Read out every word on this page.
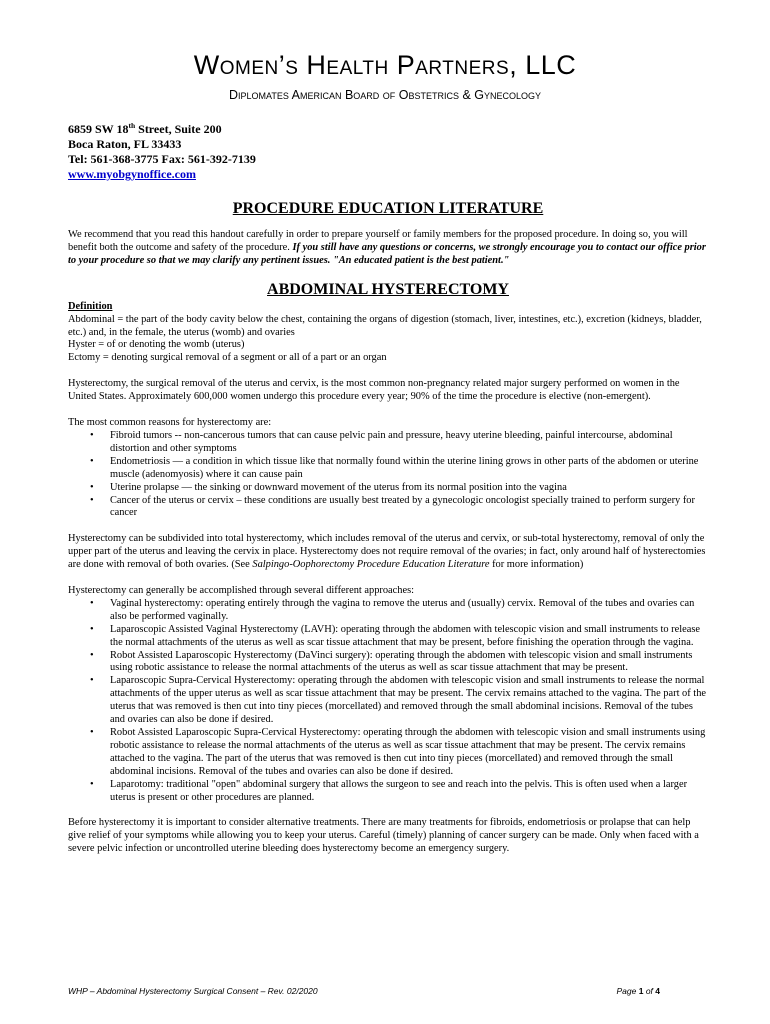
Women’s Health Partners, LLC
Diplomates American Board of Obstetrics & Gynecology
6859 SW 18th Street, Suite 200
Boca Raton, FL 33433
Tel: 561-368-3775 Fax: 561-392-7139
www.myobgynoffice.com
PROCEDURE EDUCATION LITERATURE

We recommend that you read this handout carefully in order to prepare yourself or family members for the proposed procedure. In doing so, you will benefit both the outcome and safety of the procedure. If you still have any questions or concerns, we strongly encourage you to contact our office prior to your procedure so that we may clarify any pertinent issues. "An educated patient is the best patient."

ABDOMINAL HYSTERECTOMY
Definition
Abdominal = the part of the body cavity below the chest, containing the organs of digestion (stomach, liver, intestines, etc.), excretion (kidneys, bladder, etc.) and, in the female, the uterus (womb) and ovaries
Hyster = of or denoting the womb (uterus)
Ectomy = denoting surgical removal of a segment or all of a part or an organ

Hysterectomy, the surgical removal of the uterus and cervix, is the most common non-pregnancy related major surgery performed on women in the United States. Approximately 600,000 women undergo this procedure every year; 90% of the time the procedure is elective (non-emergent).

The most common reasons for hysterectomy are:
• Fibroid tumors -- non-cancerous tumors that can cause pelvic pain and pressure, heavy uterine bleeding, painful intercourse, abdominal distortion and other symptoms
• Endometriosis — a condition in which tissue like that normally found within the uterine lining grows in other parts of the abdomen or uterine muscle (adenomyosis) where it can cause pain
• Uterine prolapse — the sinking or downward movement of the uterus from its normal position into the vagina
• Cancer of the uterus or cervix – these conditions are usually best treated by a gynecologic oncologist specially trained to perform surgery for cancer

Hysterectomy can be subdivided into total hysterectomy, which includes removal of the uterus and cervix, or sub-total hysterectomy, removal of only the upper part of the uterus and leaving the cervix in place. Hysterectomy does not require removal of the ovaries; in fact, only around half of hysterectomies are done with removal of both ovaries. (See Salpingo-Oophorectomy Procedure Education Literature for more information)

Hysterectomy can generally be accomplished through several different approaches:
• Vaginal hysterectomy: operating entirely through the vagina to remove the uterus and (usually) cervix. Removal of the tubes and ovaries can also be performed vaginally.
• Laparoscopic Assisted Vaginal Hysterectomy (LAVH): operating through the abdomen with telescopic vision and small instruments to release the normal attachments of the uterus as well as scar tissue attachment that may be present, before finishing the operation through the vagina.
• Robot Assisted Laparoscopic Hysterectomy (DaVinci surgery): operating through the abdomen with telescopic vision and small instruments using robotic assistance to release the normal attachments of the uterus as well as scar tissue attachment that may be present.
• Laparoscopic Supra-Cervical Hysterectomy: operating through the abdomen with telescopic vision and small instruments to release the normal attachments of the upper uterus as well as scar tissue attachment that may be present. The cervix remains attached to the vagina. The part of the uterus that was removed is then cut into tiny pieces (morcellated) and removed through the small abdominal incisions. Removal of the tubes and ovaries can also be done if desired.
• Robot Assisted Laparoscopic Supra-Cervical Hysterectomy: operating through the abdomen with telescopic vision and small instruments using robotic assistance to release the normal attachments of the uterus as well as scar tissue attachment that may be present. The cervix remains attached to the vagina. The part of the uterus that was removed is then cut into tiny pieces (morcellated) and removed through the small abdominal incisions. Removal of the tubes and ovaries can also be done if desired.
• Laparotomy: traditional "open" abdominal surgery that allows the surgeon to see and reach into the pelvis. This is often used when a larger uterus is present or other procedures are planned.

Before hysterectomy it is important to consider alternative treatments. There are many treatments for fibroids, endometriosis or prolapse that can help give relief of your symptoms while allowing you to keep your uterus. Careful (timely) planning of cancer surgery can be made. Only when faced with a severe pelvic infection or uncontrolled uterine bleeding does hysterectomy become an emergency surgery.

WHP – Abdominal Hysterectomy Surgical Consent – Rev. 02/2020	Page 1 of 4
